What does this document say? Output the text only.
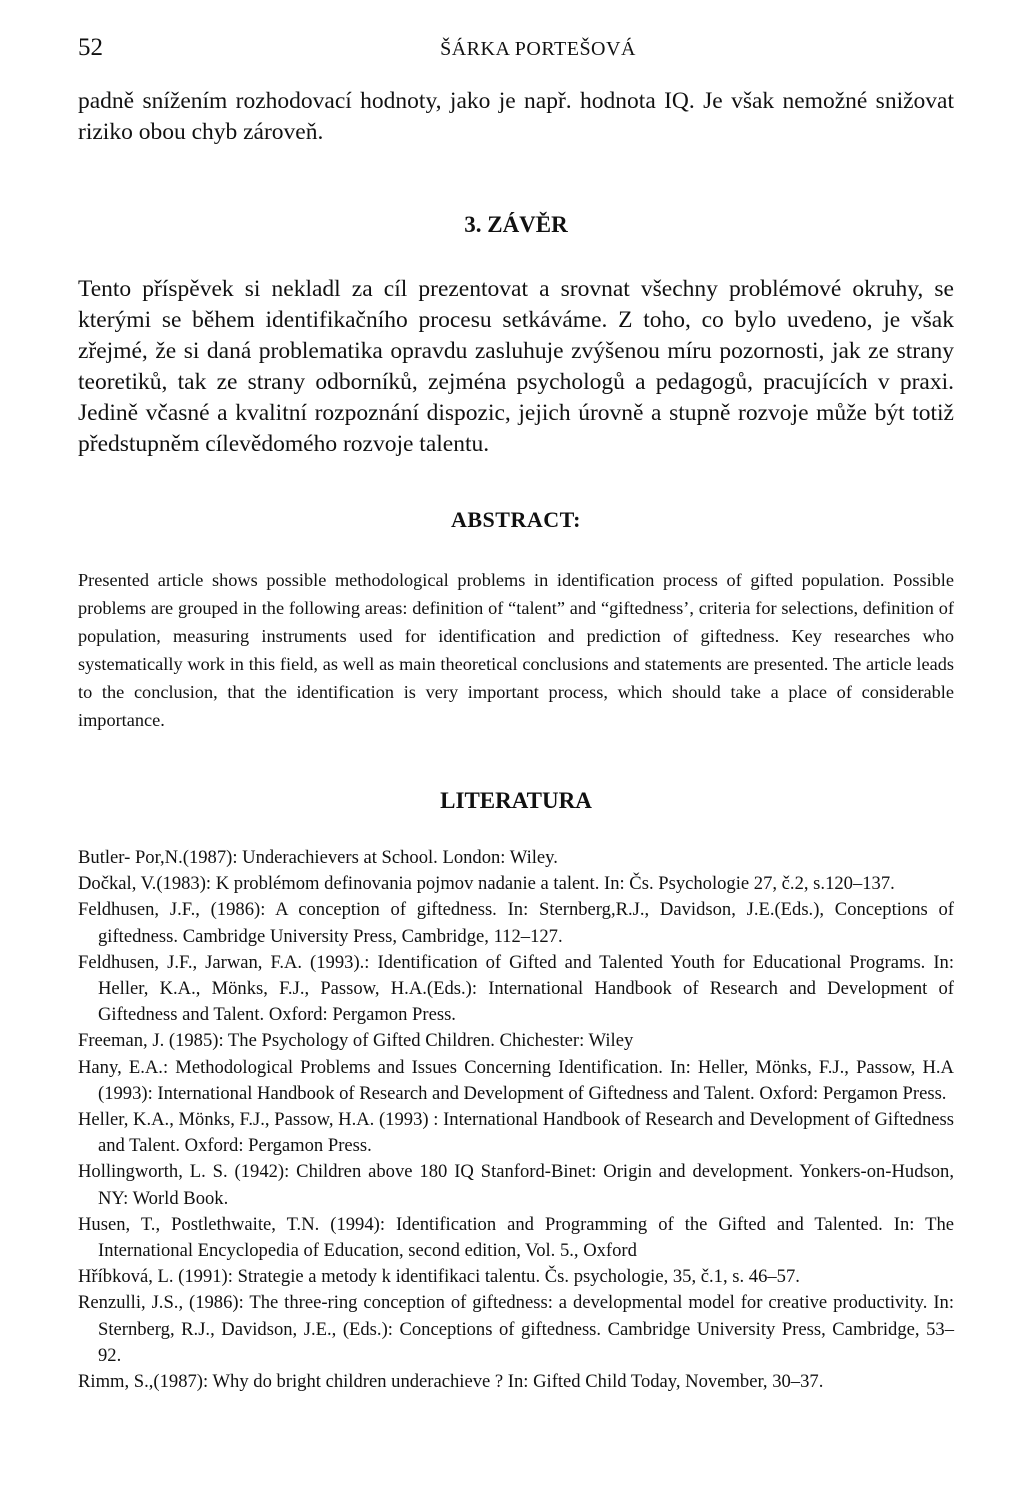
52	ŠÁRKA PORTEŠOVÁ

padně snížením rozhodovací hodnoty, jako je např. hodnota IQ. Je však nemožné snižovat riziko obou chyb zároveň.

3. ZÁVĚR

Tento příspěvek si nekladl za cíl prezentovat a srovnat všechny problémové okruhy, se kterými se během identifikačního procesu setkáváme. Z toho, co bylo uvedeno, je však zřejmé, že si daná problematika opravdu zasluhuje zvýšenou míru pozornosti, jak ze strany teoretiků, tak ze strany odborníků, zejména psychologů a pedagogů, pracujících v praxi. Jedině včasné a kvalitní rozpoznání dispozic, jejich úrovně a stupně rozvoje může být totiž předstupněm cílevědomého rozvoje talentu.

ABSTRACT:

Presented article shows possible methodological problems in identification process of gifted population. Possible problems are grouped in the following areas: definition of “talent” and “giftedness’, criteria for selections, definition of population, measuring instruments used for identification and prediction of giftedness. Key researches who systematically work in this field, as well as main theoretical conclusions and statements are presented. The article leads to the conclusion, that the identification is very important process, which should take a place of considerable importance.

LITERATURA
Butler- Por,N.(1987): Underachievers at School. London: Wiley.
Dočkal, V.(1983): K problémom definovania pojmov nadanie a talent. In: Čs. Psychologie 27, č.2, s.120–137.
Feldhusen, J.F., (1986): A conception of giftedness. In: Sternberg,R.J., Davidson, J.E.(Eds.), Conceptions of giftedness. Cambridge University Press, Cambridge, 112–127.
Feldhusen, J.F., Jarwan, F.A. (1993).: Identification of Gifted and Talented Youth for Educational Programs. In: Heller, K.A., Mönks, F.J., Passow, H.A.(Eds.): International Handbook of Research and Development of Giftedness and Talent. Oxford: Pergamon Press.
Freeman, J. (1985): The Psychology of Gifted Children. Chichester: Wiley
Hany, E.A.: Methodological Problems and Issues Concerning Identification. In: Heller, Mönks, F.J., Passow, H.A (1993): International Handbook of Research and Development of Giftedness and Talent. Oxford: Pergamon Press.
Heller, K.A., Mönks, F.J., Passow, H.A. (1993) : International Handbook of Research and Development of Giftedness and Talent. Oxford: Pergamon Press.
Hollingworth, L. S. (1942): Children above 180 IQ Stanford-Binet: Origin and development. Yonkers-on-Hudson, NY: World Book.
Husen, T., Postlethwaite, T.N. (1994): Identification and Programming of the Gifted and Talented. In: The International Encyclopedia of Education, second edition, Vol. 5., Oxford
Hříbková, L. (1991): Strategie a metody k identifikaci talentu. Čs. psychologie, 35, č.1, s. 46–57.
Renzulli, J.S., (1986): The three-ring conception of giftedness: a developmental model for creative productivity. In: Sternberg, R.J., Davidson, J.E., (Eds.): Conceptions of giftedness. Cambridge University Press, Cambridge, 53–92.
Rimm, S.,(1987): Why do bright children underachieve ? In: Gifted Child Today, November, 30–37.
